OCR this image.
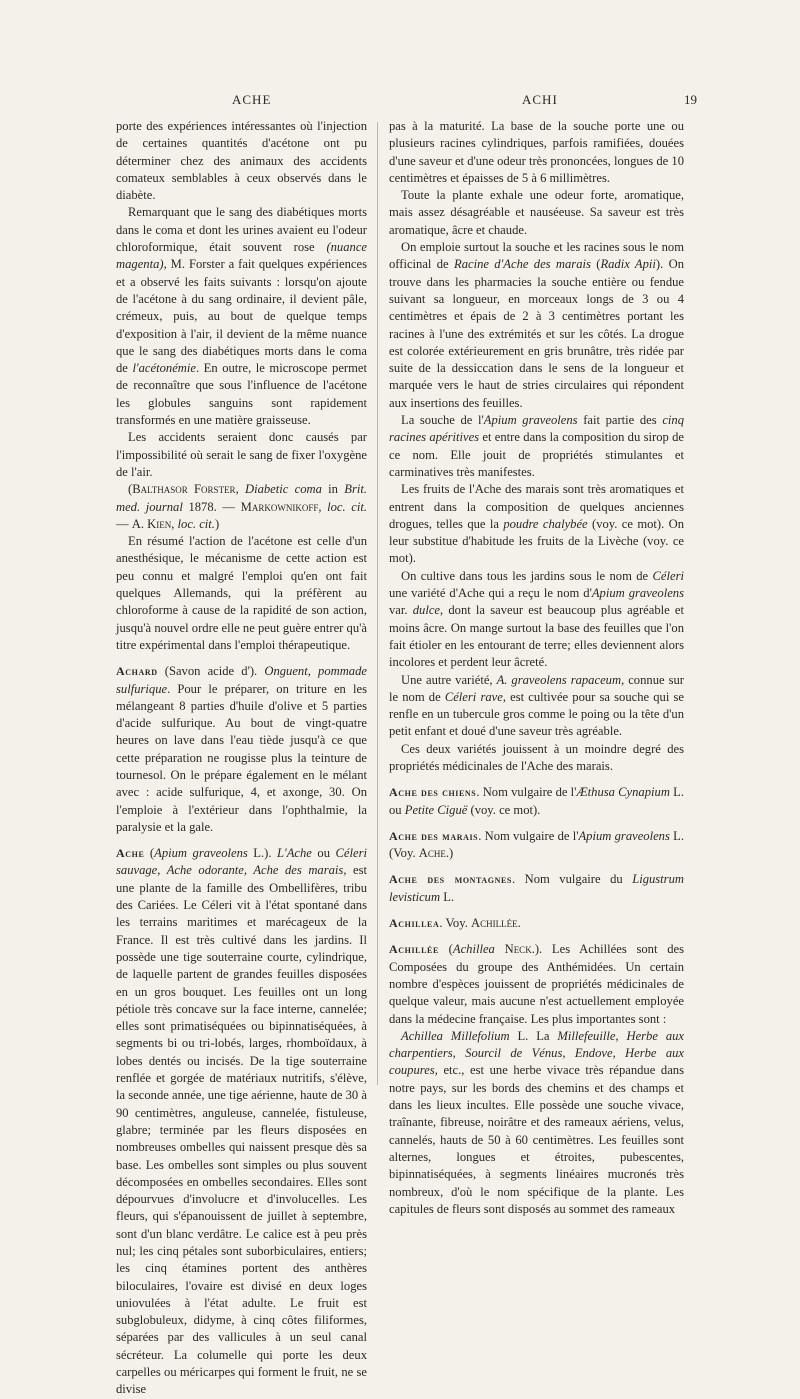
ACHE	ACHI	19

porte des expériences intéressantes où l'injection de certaines quantités d'acétone ont pu déterminer chez des animaux des accidents comateux semblables à ceux observés dans le diabète.

Remarquant que le sang des diabétiques morts dans le coma et dont les urines avaient eu l'odeur chloroformique, était souvent rose (nuance magenta), M. Forster a fait quelques expériences et a observé les faits suivants : lorsqu'on ajoute de l'acétone à du sang ordinaire, il devient pâle, crémeux, puis, au bout de quelque temps d'exposition à l'air, il devient de la même nuance que le sang des diabétiques morts dans le coma de l'acétonémie. En outre, le microscope permet de reconnaître que sous l'influence de l'acétone les globules sanguins sont rapidement transformés en une matière graisseuse.

Les accidents seraient donc causés par l'impossibilité où serait le sang de fixer l'oxygène de l'air.

(Balthasor Forster, Diabetic coma in Brit. med. journal 1878. — Markownikoff, loc. cit. — A. Kien, loc. cit.)

En résumé l'action de l'acétone est celle d'un anesthésique, le mécanisme de cette action est peu connu et malgré l'emploi qu'en ont fait quelques Allemands, qui la préfèrent au chloroforme à cause de la rapidité de son action, jusqu'à nouvel ordre elle ne peut guère entrer qu'à titre expérimental dans l'emploi thérapeutique.

Achard (Savon acide d'). Onguent, pommade sulfurique. Pour le préparer, on triture en les mélangeant 8 parties d'huile d'olive et 5 parties d'acide sulfurique. Au bout de vingt-quatre heures on lave dans l'eau tiède jusqu'à ce que cette préparation ne rougisse plus la teinture de tournesol. On le prépare également en le mélant avec : acide sulfurique, 4, et axonge, 30. On l'emploie à l'extérieur dans l'ophthalmie, la paralysie et la gale.

Ache (Apium graveolens L.). L'Ache ou Céleri sauvage, Ache odorante, Ache des marais, est une plante de la famille des Ombellifères, tribu des Cariées. Le Céleri vit à l'état spontané dans les terrains maritimes et marécageux de la France. Il est très cultivé dans les jardins. Il possède une tige souterraine courte, cylindrique, de laquelle partent de grandes feuilles disposées en un gros bouquet. Les feuilles ont un long pétiole très concave sur la face interne, cannelée; elles sont primatiséquées ou bipinnatiséquées, à segments bi ou tri-lobés, larges, rhomboïdaux, à lobes dentés ou incisés. De la tige souterraine renflée et gorgée de matériaux nutritifs, s'élève, la seconde année, une tige aérienne, haute de 30 à 90 centimètres, anguleuse, cannelée, fistuleuse, glabre; terminée par les fleurs disposées en nombreuses ombelles qui naissent presque dès sa base. Les ombelles sont simples ou plus souvent décomposées en ombelles secondaires. Elles sont dépourvues d'involucre et d'involucelles. Les fleurs, qui s'épanouissent de juillet à septembre, sont d'un blanc verdâtre. Le calice est à peu près nul; les cinq pétales sont suborbiculaires, entiers; les cinq étamines portent des anthères biloculaires, l'ovaire est divisé en deux loges uniovulées à l'état adulte. Le fruit est subglobuleux, didyme, à cinq côtes filiformes, séparées par des vallicules à un seul canal sécréteur. La columelle qui porte les deux carpelles ou méricarpes qui forment le fruit, ne se divise

pas à la maturité. La base de la souche porte une ou plusieurs racines cylindriques, parfois ramifiées, douées d'une saveur et d'une odeur très prononcées, longues de 10 centimètres et épaisses de 5 à 6 millimètres.

Toute la plante exhale une odeur forte, aromatique, mais assez désagréable et nauséeuse. Sa saveur est très aromatique, âcre et chaude.

On emploie surtout la souche et les racines sous le nom officinal de Racine d'Ache des marais (Radix Apii). On trouve dans les pharmacies la souche entière ou fendue suivant sa longueur, en morceaux longs de 3 ou 4 centimètres et épais de 2 à 3 centimètres portant les racines à l'une des extrémités et sur les côtés. La drogue est colorée extérieurement en gris brunâtre, très ridée par suite de la dessiccation dans le sens de la longueur et marquée vers le haut de stries circulaires qui répondent aux insertions des feuilles.

La souche de l'Apium graveolens fait partie des cinq racines apéritives et entre dans la composition du sirop de ce nom. Elle jouit de propriétés stimulantes et carminatives très manifestes.

Les fruits de l'Ache des marais sont très aromatiques et entrent dans la composition de quelques anciennes drogues, telles que la poudre chalybée (voy. ce mot). On leur substitue d'habitude les fruits de la Livèche (voy. ce mot).

On cultive dans tous les jardins sous le nom de Céleri une variété d'Ache qui a reçu le nom d'Apium graveolens var. dulce, dont la saveur est beaucoup plus agréable et moins âcre. On mange surtout la base des feuilles que l'on fait étioler en les entourant de terre; elles deviennent alors incolores et perdent leur âcreté.

Une autre variété, A. graveolens rapaceum, connue sur le nom de Céleri rave, est cultivée pour sa souche qui se renfle en un tubercule gros comme le poing ou la tête d'un petit enfant et doué d'une saveur très agréable.

Ces deux variétés jouissent à un moindre degré des propriétés médicinales de l'Ache des marais.

Ache des chiens. Nom vulgaire de l'Æthusa Cynapium L. ou Petite Ciguë (voy. ce mot).

Ache des marais. Nom vulgaire de l'Apium graveolens L. (Voy. Ache.)

Ache des montagnes. Nom vulgaire du Ligustrum levisticum L.

Achillea. Voy. Achillée.

Achillée (Achillea Neck.). Les Achillées sont des Composées du groupe des Anthémidées. Un certain nombre d'espèces jouissent de propriétés médicinales de quelque valeur, mais aucune n'est actuellement employée dans la médecine française. Les plus importantes sont :

Achillea Millefolium L. La Millefeuille, Herbe aux charpentiers, Sourcil de Vénus, Endove, Herbe aux coupures, etc., est une herbe vivace très répandue dans notre pays, sur les bords des chemins et des champs et dans les lieux incultes. Elle possède une souche vivace, traînante, fibreuse, noirâtre et des rameaux aériens, velus, cannelés, hauts de 50 à 60 centimètres. Les feuilles sont alternes, longues et étroites, pubescentes, bipinnatiséquées, à segments linéaires mucronés très nombreux, d'où le nom spécifique de la plante. Les capitules de fleurs sont disposés au sommet des rameaux
